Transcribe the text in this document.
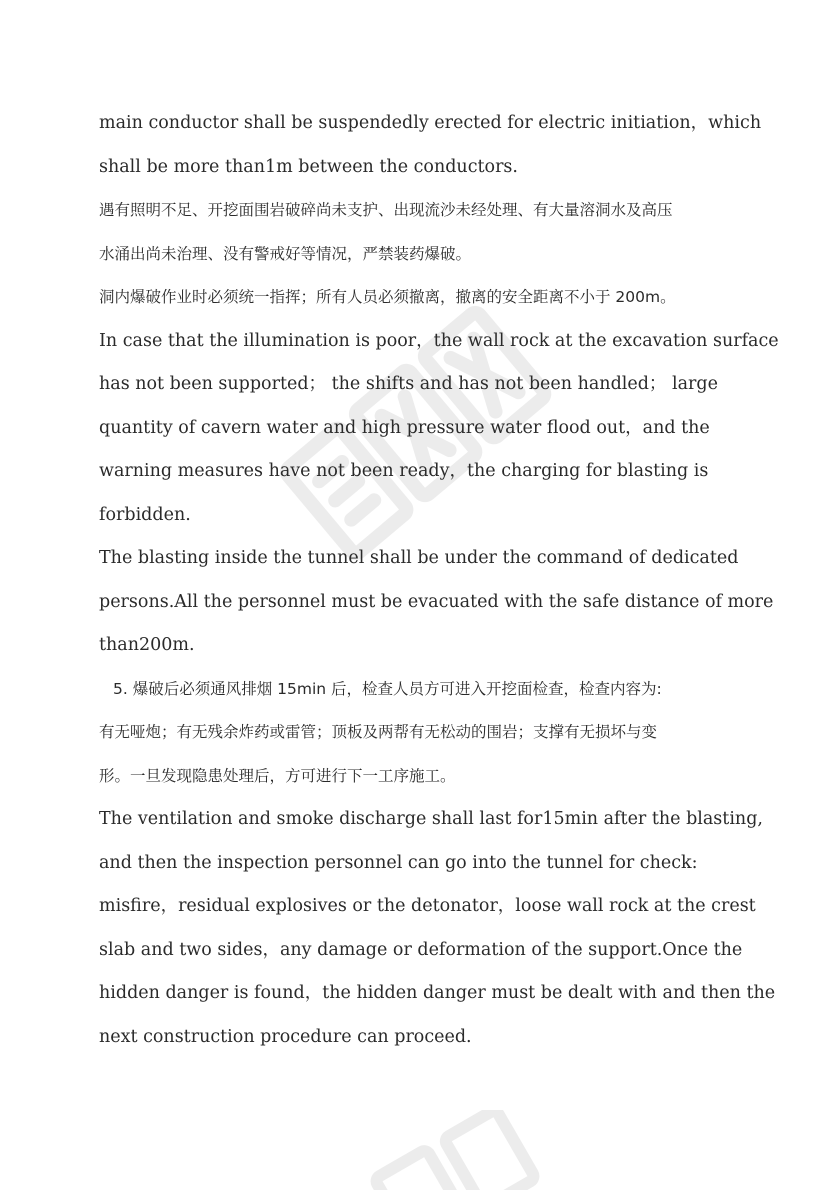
main conductor shall be suspendedly erected for electric initiation，which
shall be more than1m between the conductors.
遇有照明不足、开挖面围岩破碎尚未支护、出现流沙未经处理、有大量溶洞水及高压
水涌出尚未治理、没有警戒好等情况，严禁装药爆破。
洞内爆破作业时必须统一指挥；所有人员必须撤离，撤离的安全距离不小于 200m。
In case that the illumination is poor，the wall rock at the excavation surface
has not been supported； the shifts and has not been handled； large
quantity of cavern water and high pressure water flood out，and the
warning measures have not been ready，the charging for blasting is
forbidden.
The blasting inside the tunnel shall be under the command of dedicated
persons.All the personnel must be evacuated with the safe distance of more
than200m.
5. 爆破后必须通风排烟 15min 后，检查人员方可进入开挖面检查，检查内容为:
有无哑炮；有无残余炸药或雷管；顶板及两帮有无松动的围岩；支撑有无损坏与变
形。一旦发现隐患处理后，方可进行下一工序施工。
The ventilation and smoke discharge shall last for15min after the blasting,
and then the inspection personnel can go into the tunnel for check:
misfire，residual explosives or the detonator，loose wall rock at the crest
slab and two sides，any damage or deformation of the support.Once the
hidden danger is found，the hidden danger must be dealt with and then the
next construction procedure can proceed.
